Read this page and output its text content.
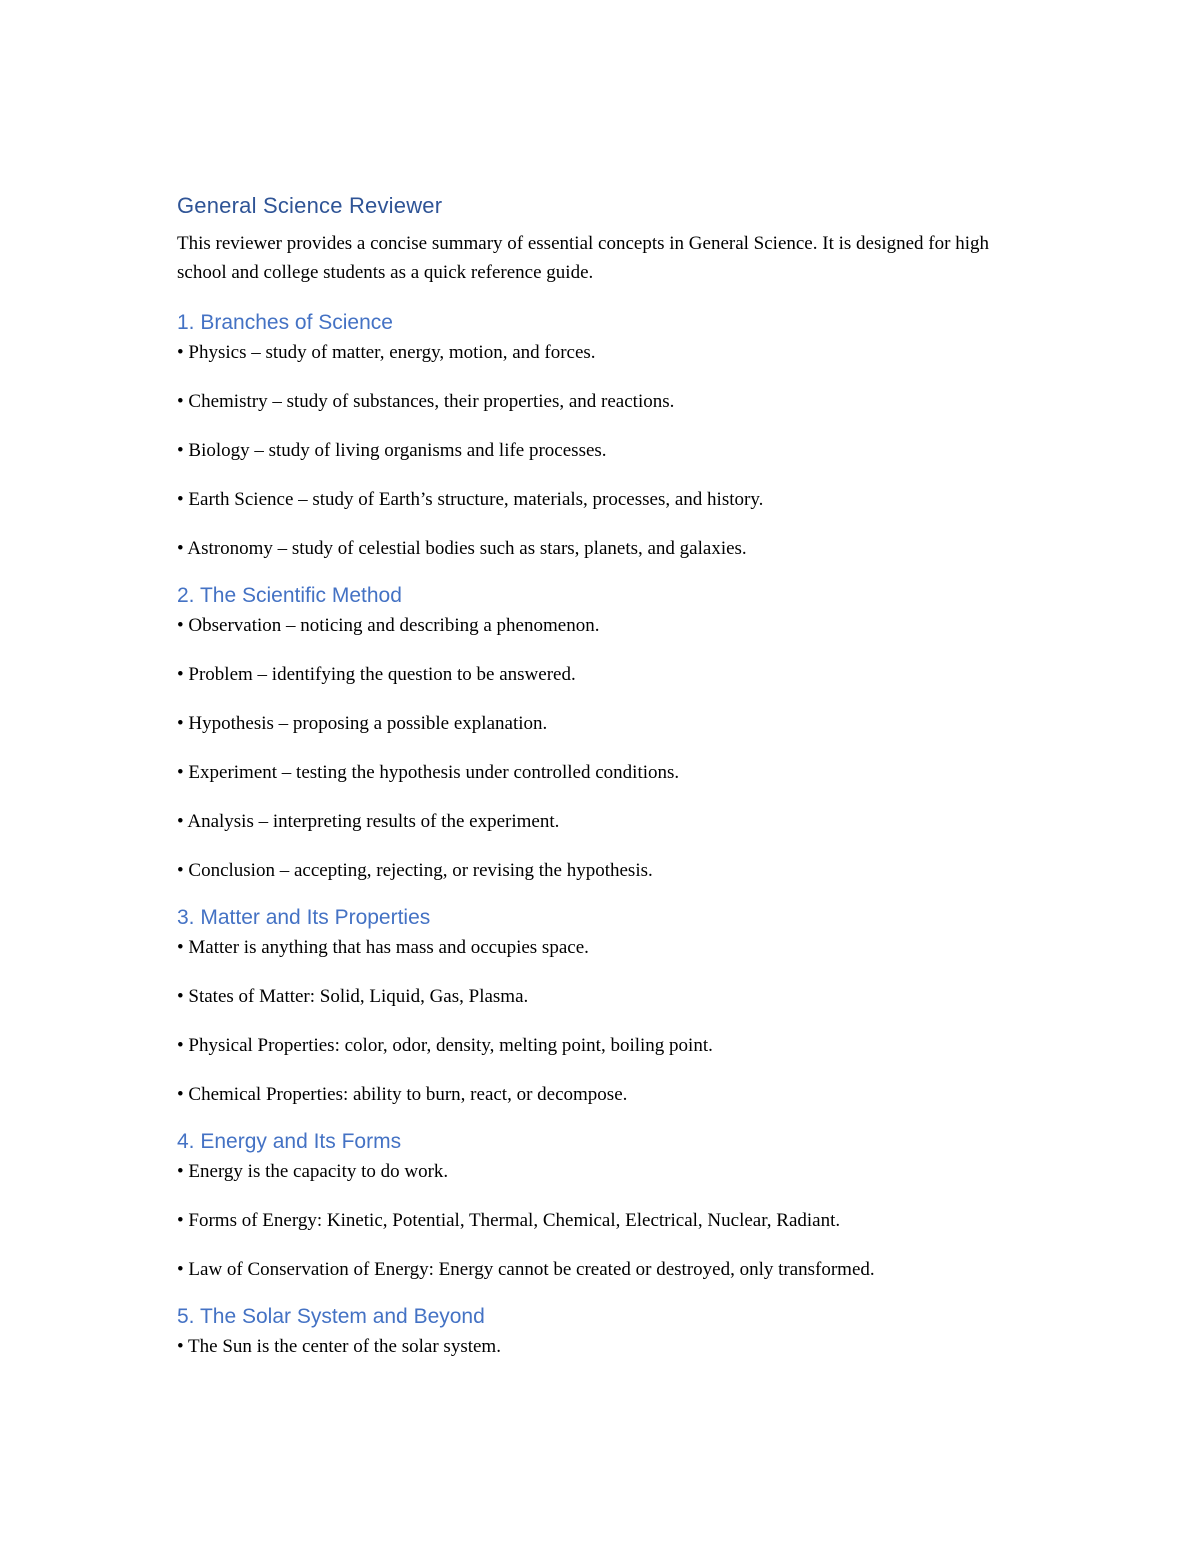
General Science Reviewer

This reviewer provides a concise summary of essential concepts in General Science. It is designed for high school and college students as a quick reference guide.

1. Branches of Science
• Physics – study of matter, energy, motion, and forces.
• Chemistry – study of substances, their properties, and reactions.
• Biology – study of living organisms and life processes.
• Earth Science – study of Earth’s structure, materials, processes, and history.
• Astronomy – study of celestial bodies such as stars, planets, and galaxies.
2. The Scientific Method
• Observation – noticing and describing a phenomenon.
• Problem – identifying the question to be answered.
• Hypothesis – proposing a possible explanation.
• Experiment – testing the hypothesis under controlled conditions.
• Analysis – interpreting results of the experiment.
• Conclusion – accepting, rejecting, or revising the hypothesis.
3. Matter and Its Properties
• Matter is anything that has mass and occupies space.
• States of Matter: Solid, Liquid, Gas, Plasma.
• Physical Properties: color, odor, density, melting point, boiling point.
• Chemical Properties: ability to burn, react, or decompose.
4. Energy and Its Forms
• Energy is the capacity to do work.
• Forms of Energy: Kinetic, Potential, Thermal, Chemical, Electrical, Nuclear, Radiant.
• Law of Conservation of Energy: Energy cannot be created or destroyed, only transformed.
5. The Solar System and Beyond
• The Sun is the center of the solar system.
